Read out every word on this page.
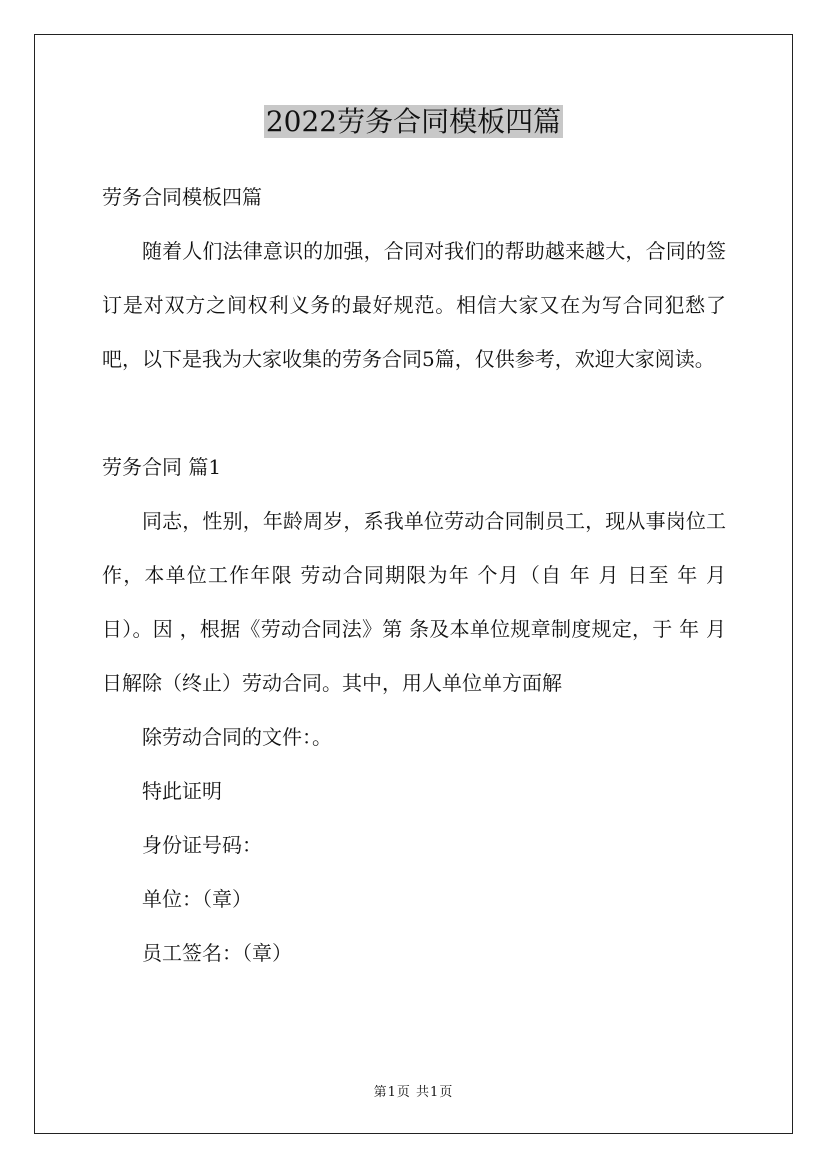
2022劳务合同模板四篇

劳务合同模板四篇

随着人们法律意识的加强，合同对我们的帮助越来越大，合同的签订是对双方之间权利义务的最好规范。相信大家又在为写合同犯愁了吧，以下是我为大家收集的劳务合同5篇，仅供参考，欢迎大家阅读。

劳务合同 篇1

同志，性别，年龄周岁，系我单位劳动合同制员工，现从事岗位工作，本单位工作年限 劳动合同期限为年 个月（自 年 月 日至 年 月 日）。因 ，根据《劳动合同法》第 条及本单位规章制度规定，于 年 月 日解除（终止）劳动合同。其中，用人单位单方面解

除劳动合同的文件：。

特此证明

身份证号码：

单位：（章）

员工签名：（章）

第1页 共1页
